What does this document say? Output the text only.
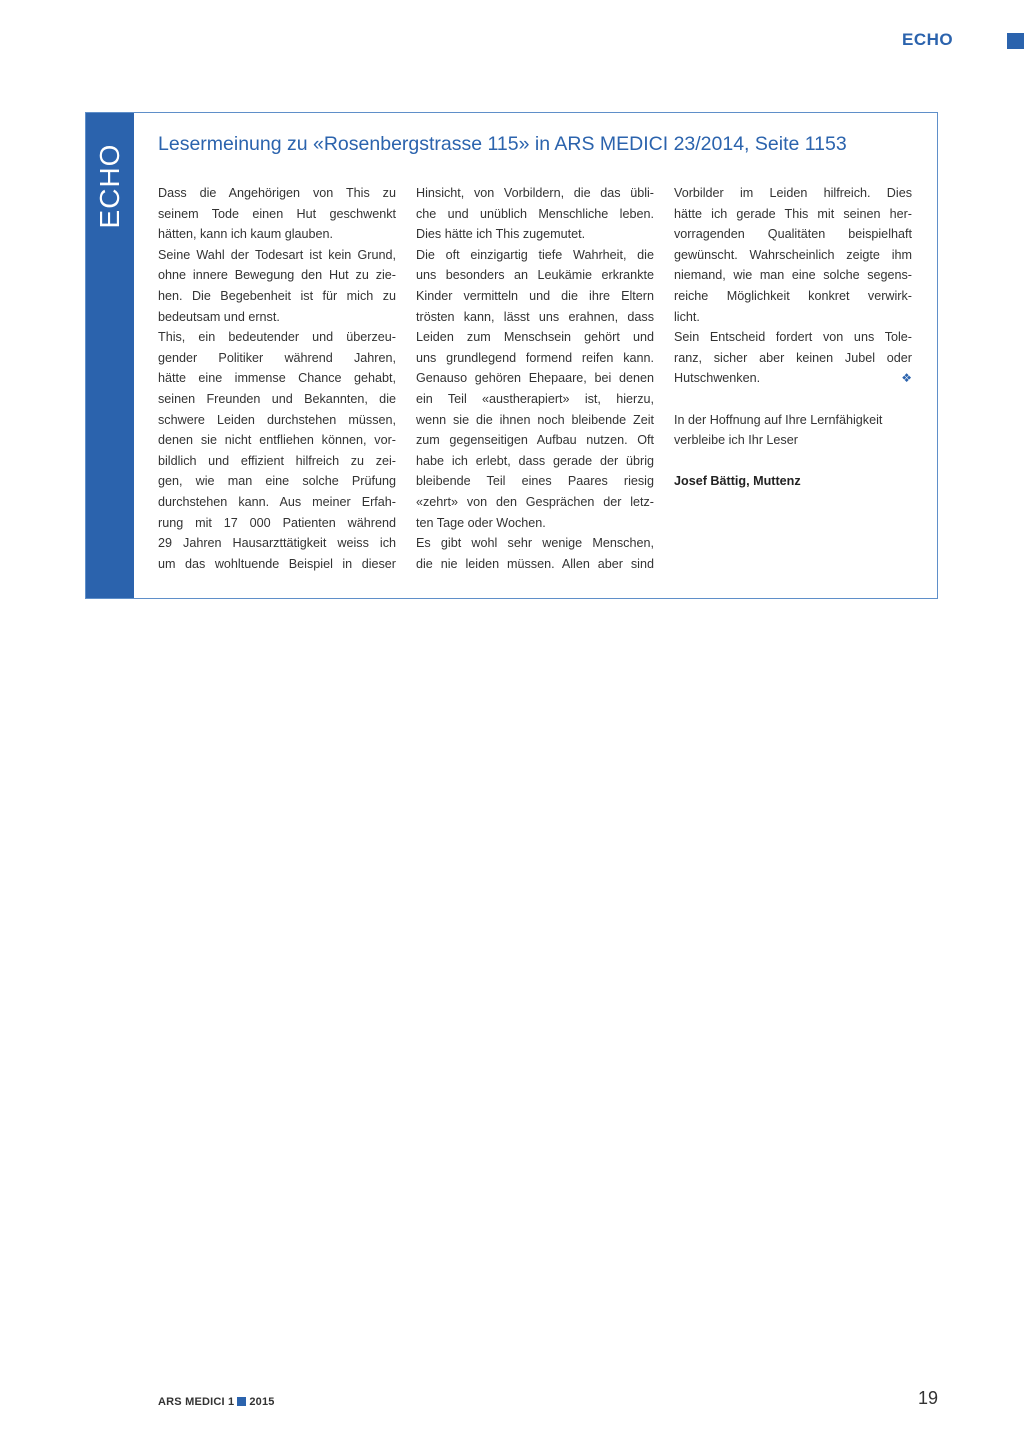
ECHO
ECHO Lesermeinung zu «Rosenbergstrasse 115» in ARS MEDICI 23/2014, Seite 1153
Dass die Angehörigen von This zu
seinem Tode einen Hut geschwenkt
hätten, kann ich kaum glauben.
Seine Wahl der Todesart ist kein Grund,
ohne innere Bewegung den Hut zu zie-
hen. Die Begebenheit ist für mich zu
bedeutsam und ernst.
This, ein bedeutender und überzeu-
gender Politiker während Jahren,
hätte eine immense Chance gehabt,
seinen Freunden und Bekannten, die
schwere Leiden durchstehen müssen,
denen sie nicht entfliehen können, vor-
bildlich und effizient hilfreich zu zei-
gen, wie man eine solche Prüfung
durchstehen kann. Aus meiner Erfah-
rung mit 17 000 Patienten während
29 Jahren Hausarzttätigkeit weiss ich
um das wohltuende Beispiel in dieser
Hinsicht, von Vorbildern, die das übli-
che und unüblich Menschliche leben.
Dies hätte ich This zugemutet.
Die oft einzigartig tiefe Wahrheit, die
uns besonders an Leukämie erkrankte
Kinder vermitteln und die ihre Eltern
trösten kann, lässt uns erahnen, dass
Leiden zum Menschsein gehört und
uns grundlegend formend reifen kann.
Genauso gehören Ehepaare, bei denen
ein Teil «austherapiert» ist, hierzu,
wenn sie die ihnen noch bleibende Zeit
zum gegenseitigen Aufbau nutzen. Oft
habe ich erlebt, dass gerade der übrig
bleibende Teil eines Paares riesig
«zehrt» von den Gesprächen der letz-
ten Tage oder Wochen.
Es gibt wohl sehr wenige Menschen,
die nie leiden müssen. Allen aber sind
Vorbilder im Leiden hilfreich. Dies
hätte ich gerade This mit seinen her-
vorragenden Qualitäten beispielhaft
gewünscht. Wahrscheinlich zeigte ihm
niemand, wie man eine solche segens-
reiche Möglichkeit konkret verwirk-
licht.
Sein Entscheid fordert von uns Tole-
ranz, sicher aber keinen Jubel oder
Hutschwenken.	❖
In der Hoffnung auf Ihre Lernfähigkeit
verbleibe ich Ihr Leser
Josef Bättig, Muttenz
ARS MEDICI 1 2015	19
